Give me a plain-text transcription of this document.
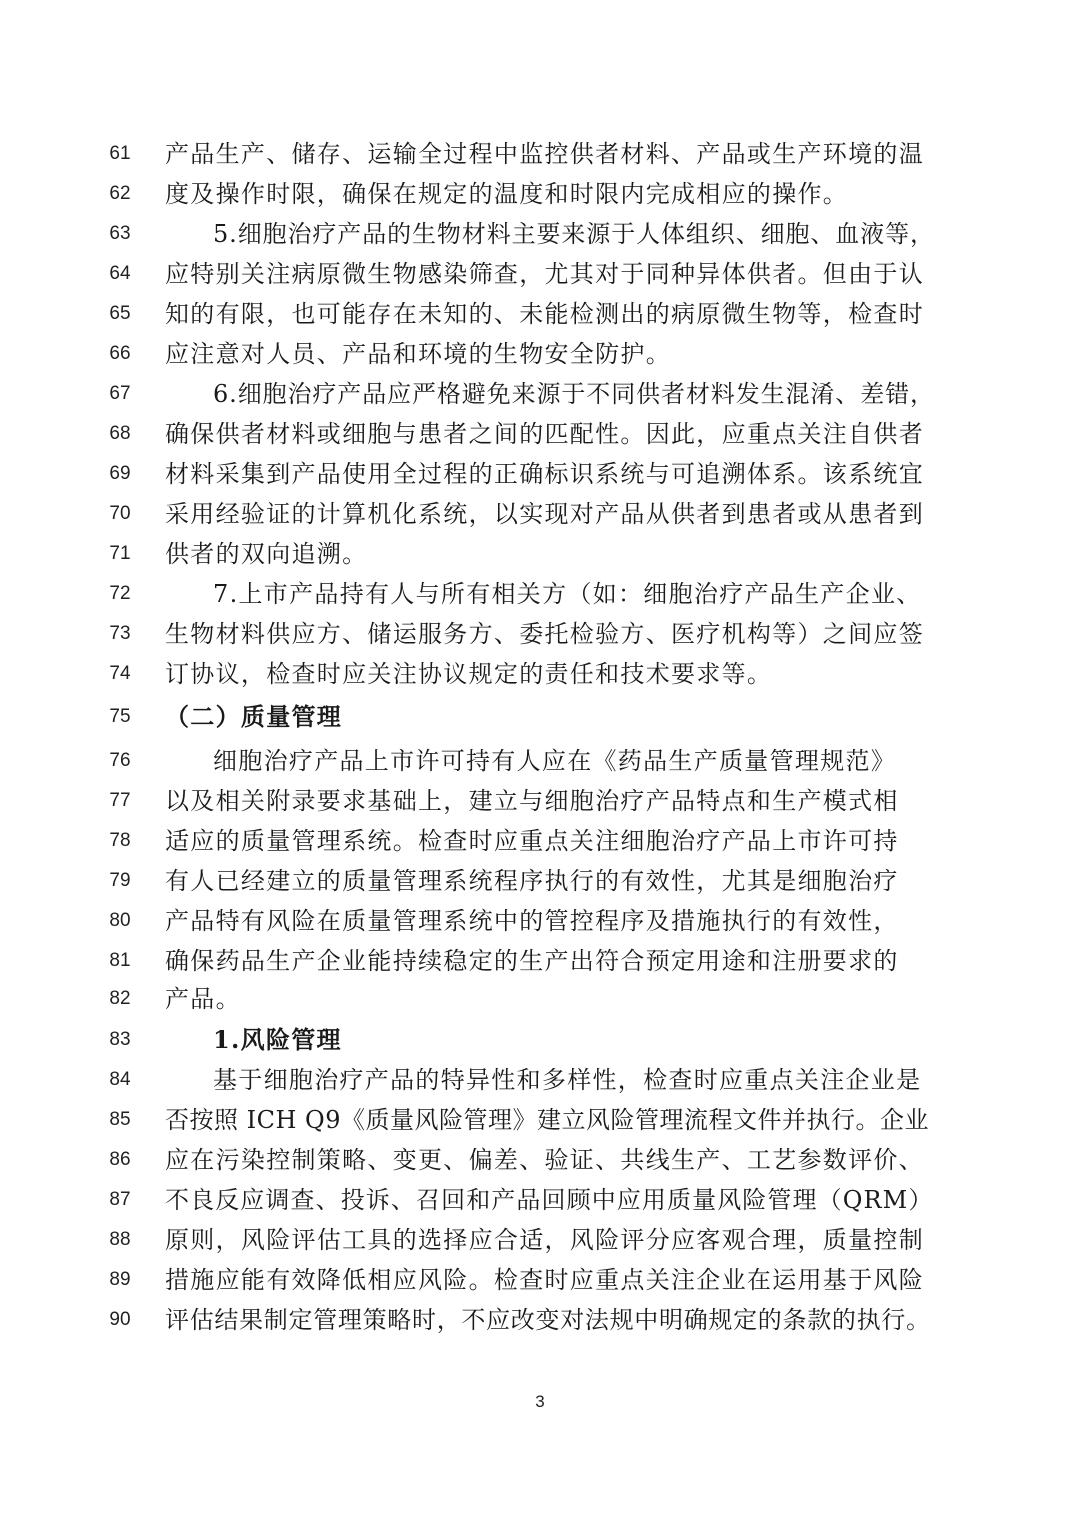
61	产品生产、储存、运输全过程中监控供者材料、产品或生产环境的温
62	度及操作时限，确保在规定的温度和时限内完成相应的操作。
63	5.细胞治疗产品的生物材料主要来源于人体组织、细胞、血液等，
64	应特别关注病原微生物感染筛查，尤其对于同种异体供者。但由于认
65	知的有限，也可能存在未知的、未能检测出的病原微生物等，检查时
66	应注意对人员、产品和环境的生物安全防护。
67	6.细胞治疗产品应严格避免来源于不同供者材料发生混淆、差错，
68	确保供者材料或细胞与患者之间的匹配性。因此，应重点关注自供者
69	材料采集到产品使用全过程的正确标识系统与可追溯体系。该系统宜
70	采用经验证的计算机化系统，以实现对产品从供者到患者或从患者到
71	供者的双向追溯。
72	7.上市产品持有人与所有相关方（如：细胞治疗产品生产企业、
73	生物材料供应方、储运服务方、委托检验方、医疗机构等）之间应签
74	订协议，检查时应关注协议规定的责任和技术要求等。
75	（二）质量管理
76	细胞治疗产品上市许可持有人应在《药品生产质量管理规范》
77	以及相关附录要求基础上，建立与细胞治疗产品特点和生产模式相
78	适应的质量管理系统。检查时应重点关注细胞治疗产品上市许可持
79	有人已经建立的质量管理系统程序执行的有效性，尤其是细胞治疗
80	产品特有风险在质量管理系统中的管控程序及措施执行的有效性，
81	确保药品生产企业能持续稳定的生产出符合预定用途和注册要求的
82	产品。
83	1.风险管理
84	基于细胞治疗产品的特异性和多样性，检查时应重点关注企业是
85	否按照 ICH Q9《质量风险管理》建立风险管理流程文件并执行。企业
86	应在污染控制策略、变更、偏差、验证、共线生产、工艺参数评价、
87	不良反应调查、投诉、召回和产品回顾中应用质量风险管理（QRM）
88	原则，风险评估工具的选择应合适，风险评分应客观合理，质量控制
89	措施应能有效降低相应风险。检查时应重点关注企业在运用基于风险
90	评估结果制定管理策略时，不应改变对法规中明确规定的条款的执行。
3
